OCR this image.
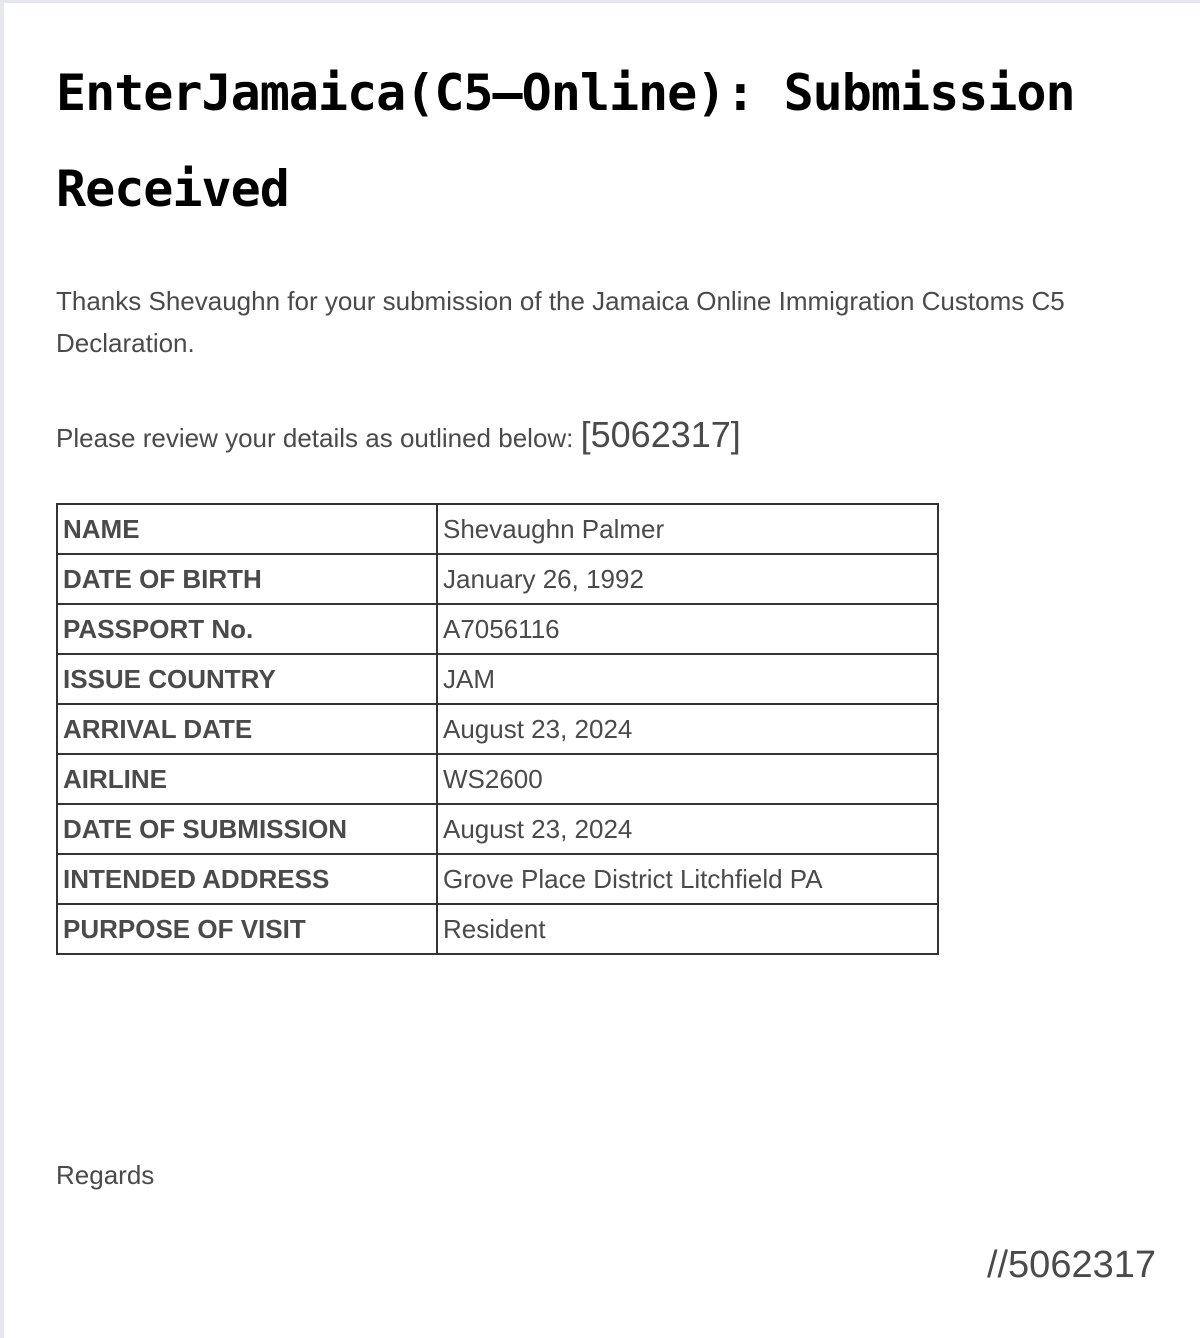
EnterJamaica(C5–Online): Submission Received

Thanks Shevaughn for your submission of the Jamaica Online Immigration Customs C5 Declaration.

Please review your details as outlined below: [5062317]

NAME	Shevaughn Palmer
DATE OF BIRTH	January 26, 1992
PASSPORT No.	A7056116
ISSUE COUNTRY	JAM
ARRIVAL DATE	August 23, 2024
AIRLINE	WS2600
DATE OF SUBMISSION	August 23, 2024
INTENDED ADDRESS	Grove Place District Litchfield PA
PURPOSE OF VISIT	Resident

Regards

//5062317
